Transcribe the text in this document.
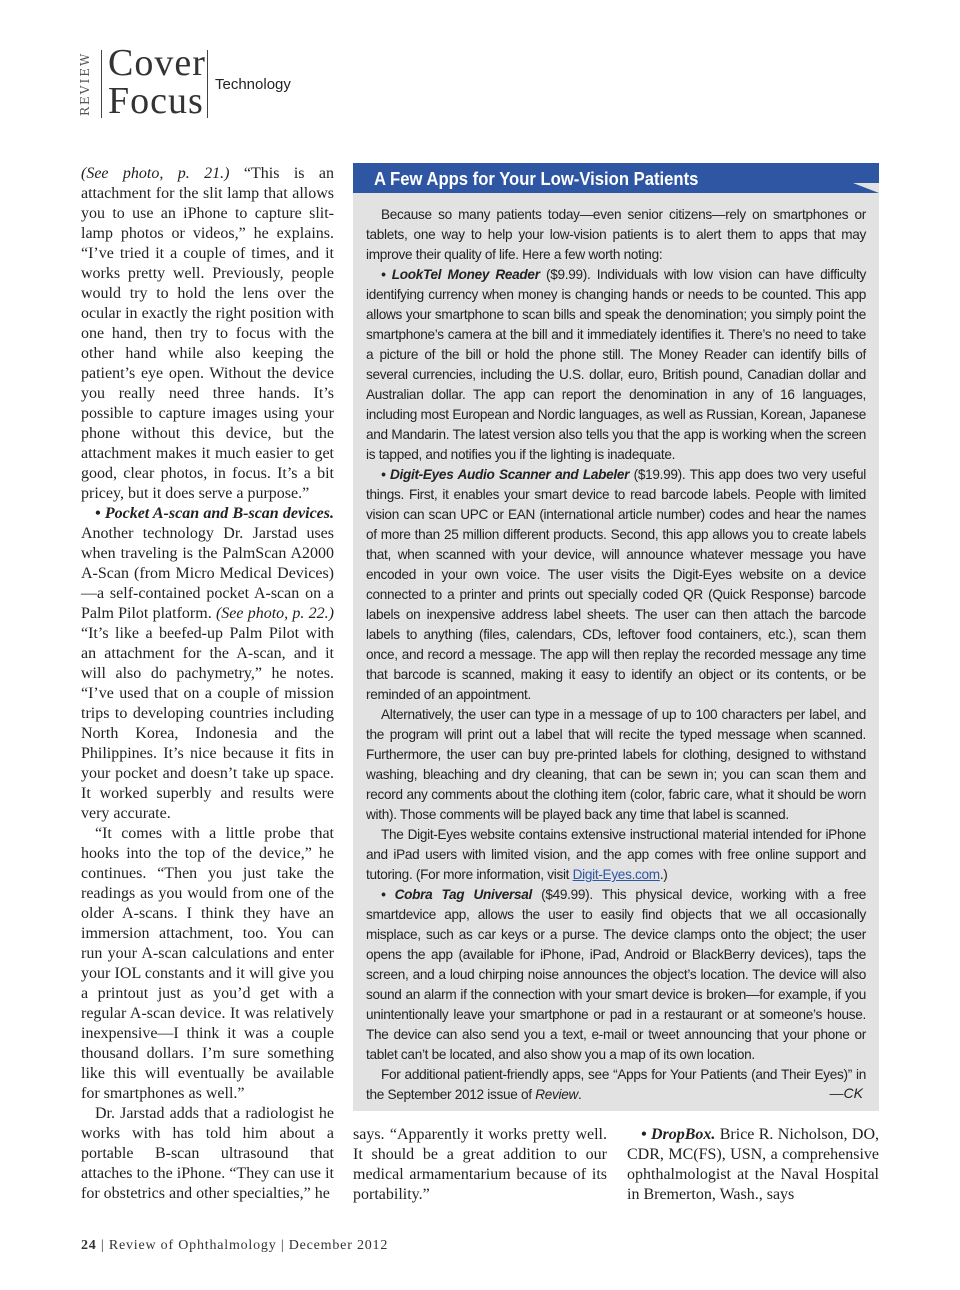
REVIEW Cover
Focus Technology

(See photo, p. 21.) “This is an attachment for the slit lamp that allows you to use an iPhone to capture slit-lamp photos or videos,” he explains. “I’ve tried it a couple of times, and it works pretty well. Previously, people would try to hold the lens over the ocular in exactly the right position with one hand, then try to focus with the other hand while also keeping the patient’s eye open. Without the device you really need three hands. It’s possible to capture images using your phone without this device, but the attachment makes it much easier to get good, clear photos, in focus. It’s a bit pricey, but it does serve a purpose.”

• Pocket A-scan and B-scan devices. Another technology Dr. Jarstad uses when traveling is the PalmScan A2000 A-Scan (from Micro Medical Devices)—a self-contained pocket A-scan on a Palm Pilot platform. (See photo, p. 22.) “It’s like a beefed-up Palm Pilot with an attachment for the A-scan, and it will also do pachymetry,” he notes. “I’ve used that on a couple of mission trips to developing countries including North Korea, Indonesia and the Philippines. It’s nice because it fits in your pocket and doesn’t take up space. It worked superbly and results were very accurate.

“It comes with a little probe that hooks into the top of the device,” he continues. “Then you just take the readings as you would from one of the older A-scans. I think they have an immersion attachment, too. You can run your A-scan calculations and enter your IOL constants and it will give you a printout just as you’d get with a regular A-scan device. It was relatively inexpensive—I think it was a couple thousand dollars. I’m sure something like this will eventually be available for smartphones as well.”

Dr. Jarstad adds that a radiologist he works with has told him about a portable B-scan ultrasound that attaches to the iPhone. “They can use it for obstetrics and other specialties,” he

A Few Apps for Your Low-Vision Patients

Because so many patients today—even senior citizens—rely on smartphones or tablets, one way to help your low-vision patients is to alert them to apps that may improve their quality of life. Here a few worth noting:

• LookTel Money Reader ($9.99). Individuals with low vision can have difficulty identifying currency when money is changing hands or needs to be counted. This app allows your smartphone to scan bills and speak the denomination; you simply point the smartphone’s camera at the bill and it immediately identifies it. There’s no need to take a picture of the bill or hold the phone still. The Money Reader can identify bills of several currencies, including the U.S. dollar, euro, British pound, Canadian dollar and Australian dollar. The app can report the denomination in any of 16 languages, including most European and Nordic languages, as well as Russian, Korean, Japanese and Mandarin. The latest version also tells you that the app is working when the screen is tapped, and notifies you if the lighting is inadequate.

• Digit-Eyes Audio Scanner and Labeler ($19.99). This app does two very useful things. First, it enables your smart device to read barcode labels. People with limited vision can scan UPC or EAN (international article number) codes and hear the names of more than 25 million different products. Second, this app allows you to create labels that, when scanned with your device, will announce whatever message you have encoded in your own voice. The user visits the Digit-Eyes website on a device connected to a printer and prints out specially coded QR (Quick Response) barcode labels on inexpensive address label sheets. The user can then attach the barcode labels to anything (files, calendars, CDs, leftover food containers, etc.), scan them once, and record a message. The app will then replay the recorded message any time that barcode is scanned, making it easy to identify an object or its contents, or be reminded of an appointment.

Alternatively, the user can type in a message of up to 100 characters per label, and the program will print out a label that will recite the typed message when scanned. Furthermore, the user can buy pre-printed labels for clothing, designed to withstand washing, bleaching and dry cleaning, that can be sewn in; you can scan them and record any comments about the clothing item (color, fabric care, what it should be worn with). Those comments will be played back any time that label is scanned.

The Digit-Eyes website contains extensive instructional material intended for iPhone and iPad users with limited vision, and the app comes with free online support and tutoring. (For more information, visit Digit-Eyes.com.)

• Cobra Tag Universal ($49.99). This physical device, working with a free smartdevice app, allows the user to easily find objects that we all occasionally misplace, such as car keys or a purse. The device clamps onto the object; the user opens the app (available for iPhone, iPad, Android or BlackBerry devices), taps the screen, and a loud chirping noise announces the object’s location. The device will also sound an alarm if the connection with your smart device is broken—for example, if you unintentionally leave your smartphone or pad in a restaurant or at someone’s house. The device can also send you a text, e-mail or tweet announcing that your phone or tablet can’t be located, and also show you a map of its own location.

For additional patient-friendly apps, see “Apps for Your Patients (and Their Eyes)” in the September 2012 issue of Review.	—CK

says. “Apparently it works pretty well. It should be a great addition to our medical armamentarium because of its portability.”

• DropBox. Brice R. Nicholson, DO, CDR, MC(FS), USN, a comprehensive ophthalmologist at the Naval Hospital in Bremerton, Wash., says

24 | Review of Ophthalmology | December 2012
